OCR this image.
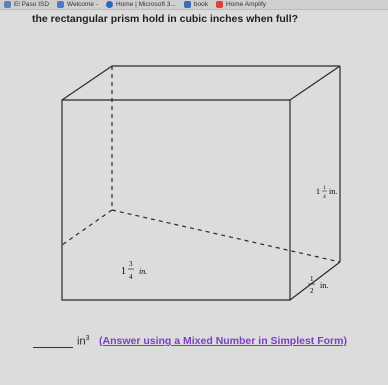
El Paso ISD	Welcome -	Home | Microsoft 3...	book	Home Amplify
the rectangular prism hold in cubic inches when full?
1 1
4
in.
1
3
4
in.
1
2
in.
$in^3$ (Answer using a Mixed Number in Simplest Form)
